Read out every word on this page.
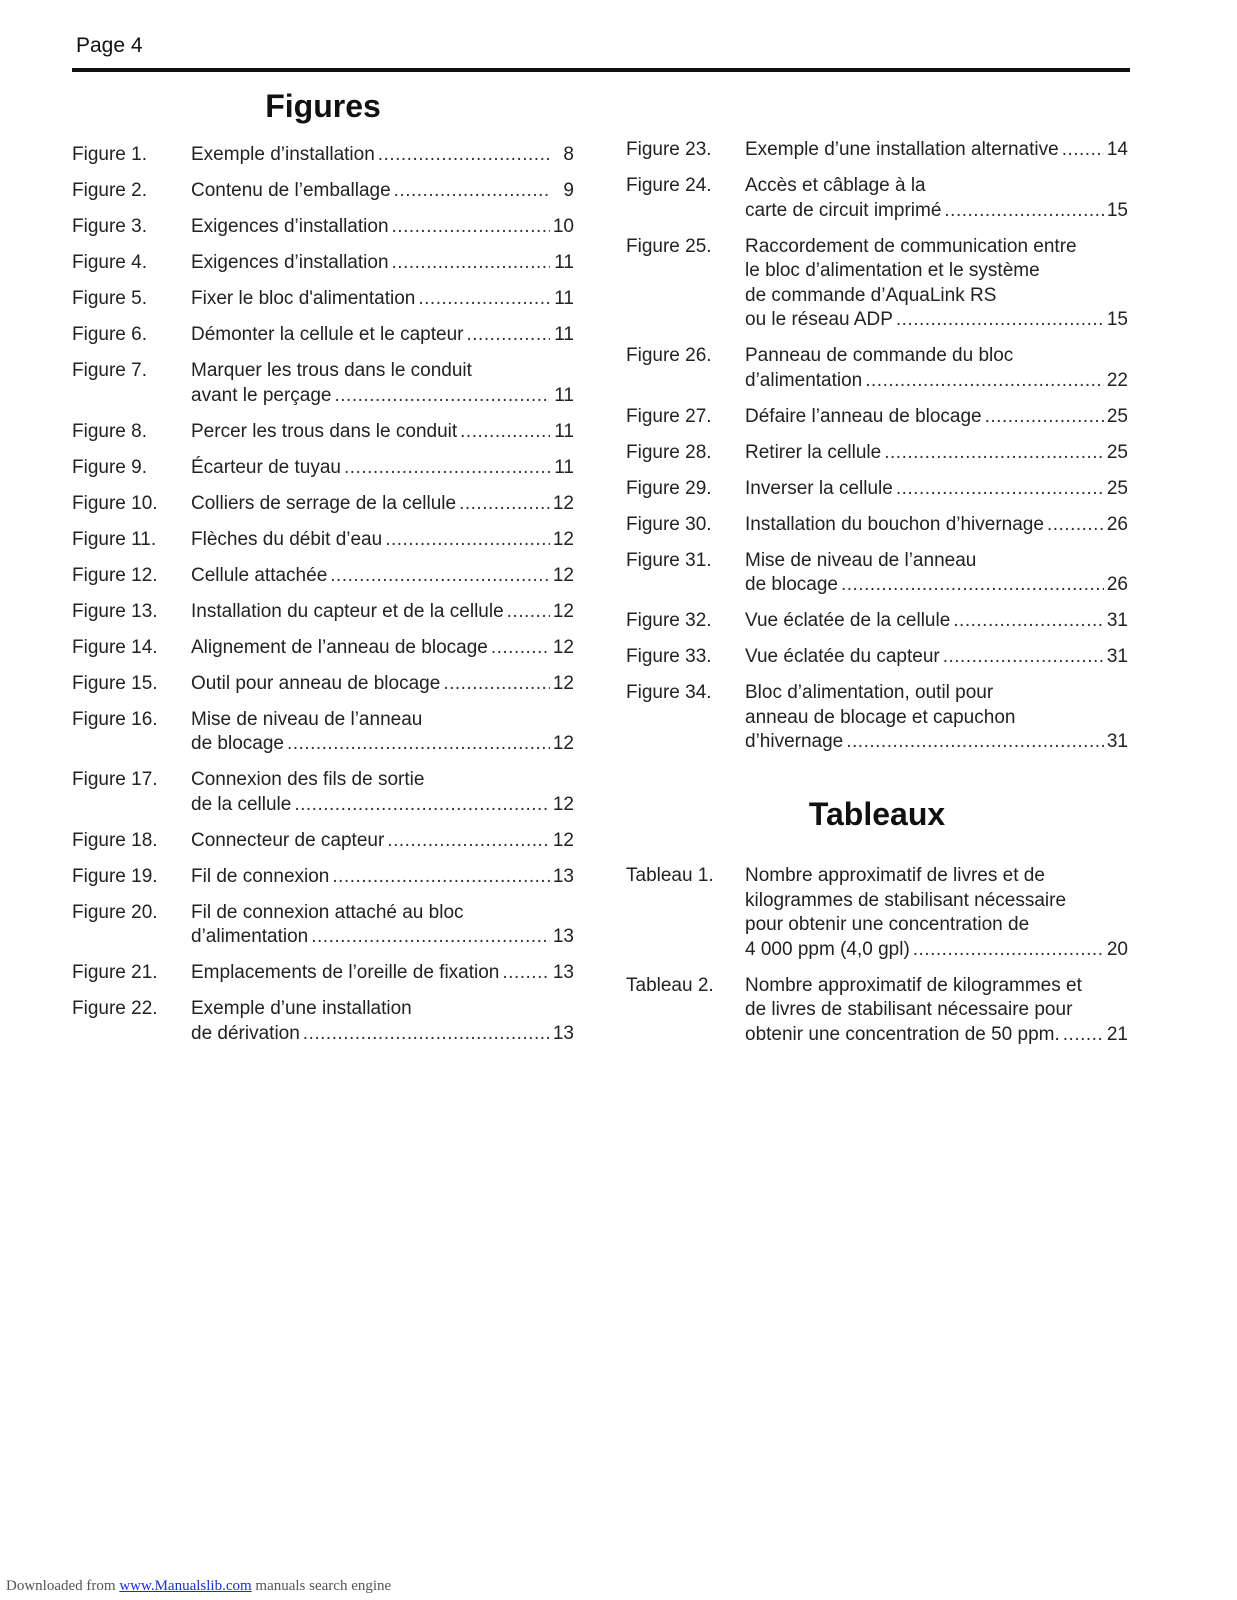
Page 4
Figures
Figure 1.	Exemple d’installation .....	8
Figure 2.	Contenu de l’emballage .....	9
Figure 3.	Exigences d’installation .....	10
Figure 4.	Exigences d’installation .....	11
Figure 5.	Fixer le bloc d'alimentation .....	11
Figure 6.	Démonter la cellule et le capteur .....	11
Figure 7.	Marquer les trous dans le conduit
avant le perçage .....	11
Figure 8.	Percer les trous dans le conduit .....	11
Figure 9.	Écarteur de tuyau .....	11
Figure 10.	Colliers de serrage de la cellule .....	12
Figure 11.	Flèches du débit d’eau .....	12
Figure 12.	Cellule attachée .....	12
Figure 13.	Installation du capteur et de la cellule .....	12
Figure 14.	Alignement de l’anneau de blocage .....	12
Figure 15.	Outil pour anneau de blocage .....	12
Figure 16.	Mise de niveau de l’anneau
de blocage .....	12
Figure 17.	Connexion des fils de sortie
de la cellule .....	12
Figure 18.	Connecteur de capteur .....	12
Figure 19.	Fil de connexion .....	13
Figure 20.	Fil de connexion attaché au bloc
d’alimentation .....	13
Figure 21.	Emplacements de l’oreille de fixation .....	13
Figure 22.	Exemple d’une installation
de dérivation .....	13
Figure 23.	Exemple d’une installation alternative .....	14
Figure 24.	Accès et câblage à la
carte de circuit imprimé .....	15
Figure 25.	Raccordement de communication entre
le bloc d’alimentation et le système
de commande d’AquaLink RS
ou le réseau ADP .....	15
Figure 26.	Panneau de commande du bloc
d’alimentation .....	22
Figure 27.	Défaire l’anneau de blocage .....	25
Figure 28.	Retirer la cellule .....	25
Figure 29.	Inverser la cellule .....	25
Figure 30.	Installation du bouchon d’hivernage .....	26
Figure 31.	Mise de niveau de l’anneau
de blocage .....	26
Figure 32.	Vue éclatée de la cellule .....	31
Figure 33.	Vue éclatée du capteur .....	31
Figure 34.	Bloc d’alimentation, outil pour
anneau de blocage et capuchon
d’hivernage .....	31
Tableaux
Tableau 1.	Nombre approximatif de livres et de
kilogrammes de stabilisant nécessaire
pour obtenir une concentration de
4 000 ppm (4,0 gpl) .....	20
Tableau 2.	Nombre approximatif de kilogrammes et
de livres de stabilisant nécessaire pour
obtenir une concentration de 50 ppm. ..... 21
Downloaded from www.Manualslib.com manuals search engine
